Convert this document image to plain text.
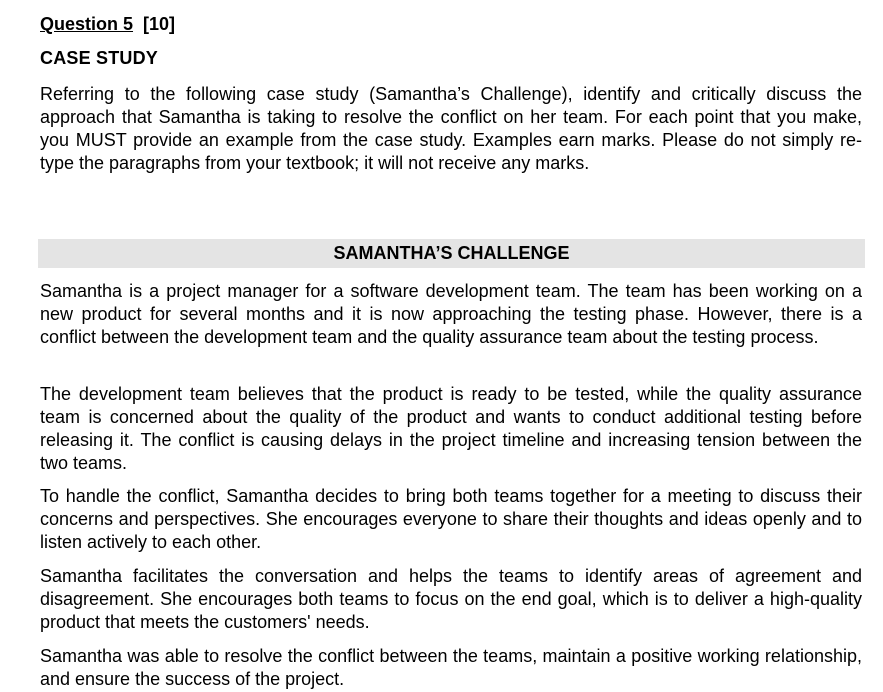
Question 5 [10]

CASE STUDY

Referring to the following case study (Samantha’s Challenge), identify and critically discuss the approach that Samantha is taking to resolve the conflict on her team. For each point that you make, you MUST provide an example from the case study. Examples earn marks. Please do not simply re-type the paragraphs from your textbook; it will not receive any marks.

SAMANTHA’S CHALLENGE

Samantha is a project manager for a software development team. The team has been working on a new product for several months and it is now approaching the testing phase. However, there is a conflict between the development team and the quality assurance team about the testing process.

The development team believes that the product is ready to be tested, while the quality assurance team is concerned about the quality of the product and wants to conduct additional testing before releasing it. The conflict is causing delays in the project timeline and increasing tension between the two teams.

To handle the conflict, Samantha decides to bring both teams together for a meeting to discuss their concerns and perspectives. She encourages everyone to share their thoughts and ideas openly and to listen actively to each other.

Samantha facilitates the conversation and helps the teams to identify areas of agreement and disagreement. She encourages both teams to focus on the end goal, which is to deliver a high-quality product that meets the customers' needs.

Samantha was able to resolve the conflict between the teams, maintain a positive working relationship, and ensure the success of the project.
